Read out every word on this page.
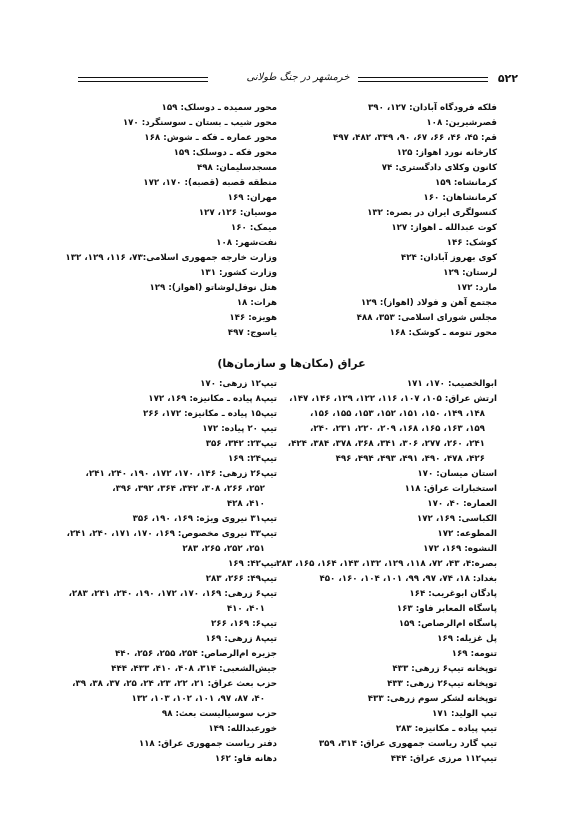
۵۲۲
خرمشهر در جنگ طولانی
فلکه فرودگاه آبادان: ۱۲۷، ۳۹۰
قصرشیرین: ۱۰۸
قم: ۴۵، ۴۶، ۶۶، ۶۷، ۹۰، ۳۴۹، ۴۸۲، ۴۹۷
کارخانه نورد اهواز: ۱۲۵
کانون وکلای دادگستری: ۷۴
کرمانشاه: ۱۵۹
کرمانشاهان: ۱۶۰
کنسولگری ایران در بصره: ۱۳۲
کوت عبدالله ـ اهواز: ۱۲۷
کوشک: ۱۴۶
کوی بهروز آبادان: ۴۲۴
لرستان: ۱۲۹
مارد: ۱۷۲
مجتمع آهن و فولاد (اهواز): ۱۲۹
مجلس شورای اسلامی: ۳۵۳، ۴۸۸
محور تنومه ـ کوشک: ۱۶۸
محور سمیده ـ دوسلک: ۱۵۹
محور شیب ـ بستان ـ سوسنگرد: ۱۷۰
محور عماره ـ فکه ـ شوش: ۱۶۸
محور فکه ـ دوسلک: ۱۵۹
مسجدسلیمان: ۴۹۸
منطقه قصبه (قصبه): ۱۷۰، ۱۷۲
مهران: ۱۶۹
موسیان: ۱۲۶، ۱۲۷
میمک: ۱۶۰
نفت‌شهر: ۱۰۸
وزارت خارجه جمهوری اسلامی:۷۳، ۱۱۶، ۱۲۹، ۱۳۲
وزارت کشور: ۱۳۱
هتل نوفل‌لوشاتو (اهواز): ۱۲۹
هرات: ۱۸
هویزه: ۱۴۶
یاسوج: ۴۹۷
عراق (مکان‌ها و سازمان‌ها)
ابوالخصیب: ۱۷۰، ۱۷۱
ارتش عراق: ۱۰۵، ۱۰۷، ۱۱۶، ۱۲۲، ۱۲۹، ۱۴۶، ۱۴۷،
۱۴۸، ۱۴۹، ۱۵۰، ۱۵۱، ۱۵۲، ۱۵۳، ۱۵۵، ۱۵۶،
۱۵۹، ۱۶۳، ۱۶۵، ۱۶۸، ۲۰۹، ۲۲۰، ۲۳۱، ۲۴۰،
۲۴۱، ۲۶۰، ۲۷۷، ۳۰۶، ۳۴۱، ۳۶۸، ۳۷۸، ۳۸۴، ۴۲۴،
۴۲۶، ۴۷۸، ۴۹۰، ۴۹۱، ۴۹۳، ۴۹۴، ۴۹۶
استان میسان: ۱۷۰
استخبارات عراق: ۱۱۸
العماره: ۴۰، ۱۷۰
الکباسی: ۱۶۹، ۱۷۲
المطوعه: ۱۷۲
النشوه: ۱۶۹، ۱۷۲
بصره:۴، ۴۳، ۷۲، ۱۱۸، ۱۲۹، ۱۳۲، ۱۴۳، ۱۶۴، ۱۶۵، ۲۸۳
بغداد: ۱۸، ۷۴، ۹۷، ۹۹، ۱۰۱، ۱۰۴، ۱۶۰، ۴۵۰
پادگان ابوغریب: ۱۶۴
پاسگاه المعابر فاو: ۱۶۳
پاسگاه ام‌الرصاص: ۱۵۹
پل غزیله: ۱۶۹
تنومه: ۱۶۹
توپخانه تیپ۶ زرهی: ۴۳۳
توپخانه تیپ۲۶ زرهی: ۴۳۳
توپخانه لشکر سوم زرهی: ۴۳۳
تیپ الولید: ۱۷۱
تیپ پیاده ـ مکانیزه: ۲۸۳
تیپ گارد ریاست جمهوری عراق: ۳۱۴، ۳۵۹
تیپ۱۱۲ مرزی عراق: ۴۴۴
تیپ۱۲ زرهی: ۱۷۰
تیپ۸ پیاده ـ مکانیزه: ۱۶۹، ۱۷۲
تیپ۱۵ پیاده ـ مکانیزه: ۱۷۲، ۲۶۶
تیپ ۲۰ پیاده: ۱۷۲
تیپ۲۳: ۳۴۲، ۳۵۶
تیپ۲۴: ۱۶۹
تیپ۲۶ زرهی: ۱۴۶، ۱۷۰، ۱۷۲، ۱۹۰، ۲۴۰، ۲۴۱،
۲۵۲، ۲۶۶، ۳۰۸، ۳۴۲، ۳۶۴، ۳۹۲، ۳۹۶،
۴۱۰، ۴۲۸
تیپ۳۱ نیروی ویژه: ۱۶۹، ۱۹۰، ۳۵۶
تیپ۳۳ نیروی مخصوص: ۱۶۹، ۱۷۰، ۱۷۱، ۲۴۰، ۲۴۱،
۲۵۱، ۲۵۲، ۲۶۵، ۲۸۳
تیپ۴۲: ۱۶۹
تیپ۴۹: ۲۶۶، ۲۸۳
تیپ۶ زرهی: ۱۶۹، ۱۷۰، ۱۷۲، ۱۹۰، ۲۴۰، ۲۴۱، ۲۸۳،
۴۰۱، ۴۱۰
تیپ۶: ۱۶۹، ۲۶۶
تیپ۸ زرهی: ۱۶۹
جزیره ام‌الرصاص: ۲۵۴، ۲۵۵، ۲۵۶، ۴۴۰
جیش‌الشعبی: ۳۱۴، ۴۰۸، ۴۱۰، ۴۳۳، ۴۴۴
حزب بعث عراق: ۲۱، ۲۲، ۲۳، ۲۴، ۲۵، ۳۷، ۳۸، ۳۹،
۴۰، ۸۷، ۹۷، ۱۰۱، ۱۰۲، ۱۰۳، ۱۳۲
حزب سوسیالیست بعث: ۹۸
خورعبدالله: ۱۴۹
دفتر ریاست جمهوری عراق: ۱۱۸
دهانه فاو: ۱۶۲
